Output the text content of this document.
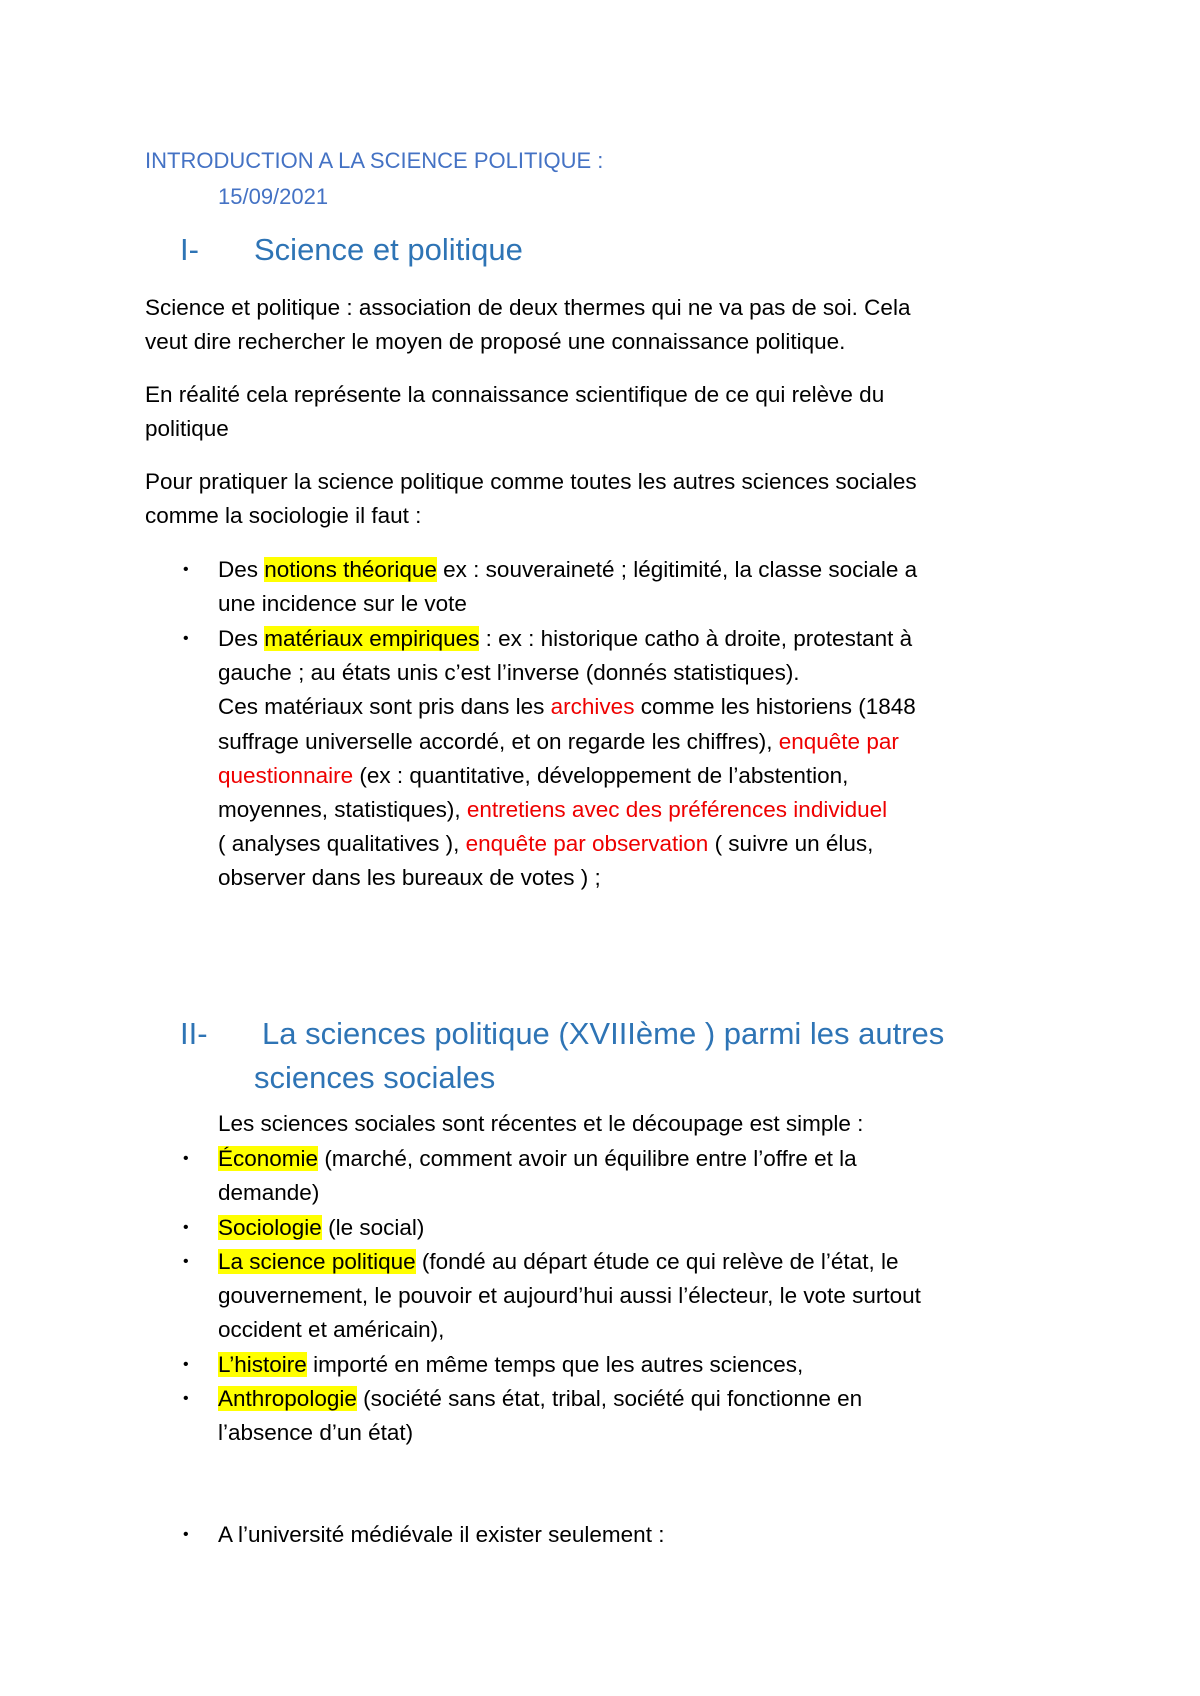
INTRODUCTION A LA SCIENCE POLITIQUE :
15/09/2021
I- Science et politique
Science et politique : association de deux thermes qui ne va pas de soi. Cela
veut dire rechercher le moyen de proposé une connaissance politique.
En réalité cela représente la connaissance scientifique de ce qui relève du
politique
Pour pratiquer la science politique comme toutes les autres sciences sociales
comme la sociologie il faut :
• Des notions théorique ex : souveraineté ; légitimité, la classe sociale a
une incidence sur le vote
• Des matériaux empiriques : ex : historique catho à droite, protestant à
gauche ; au états unis c’est l’inverse (donnés statistiques).
Ces matériaux sont pris dans les archives comme les historiens (1848
suffrage universelle accordé, et on regarde les chiffres), enquête par
questionnaire (ex : quantitative, développement de l’abstention,
moyennes, statistiques), entretiens avec des préférences individuel
( analyses qualitatives ), enquête par observation ( suivre un élus,
observer dans les bureaux de votes ) ;
II- La sciences politique (XVIIIème ) parmi les autres
sciences sociales
Les sciences sociales sont récentes et le découpage est simple :
• Économie (marché, comment avoir un équilibre entre l’offre et la
demande)
• Sociologie (le social)
• La science politique (fondé au départ étude ce qui relève de l’état, le
gouvernement, le pouvoir et aujourd’hui aussi l’électeur, le vote surtout
occident et américain),
• L’histoire importé en même temps que les autres sciences,
• Anthropologie (société sans état, tribal, société qui fonctionne en
l’absence d’un état)
• A l’université médiévale il exister seulement :
